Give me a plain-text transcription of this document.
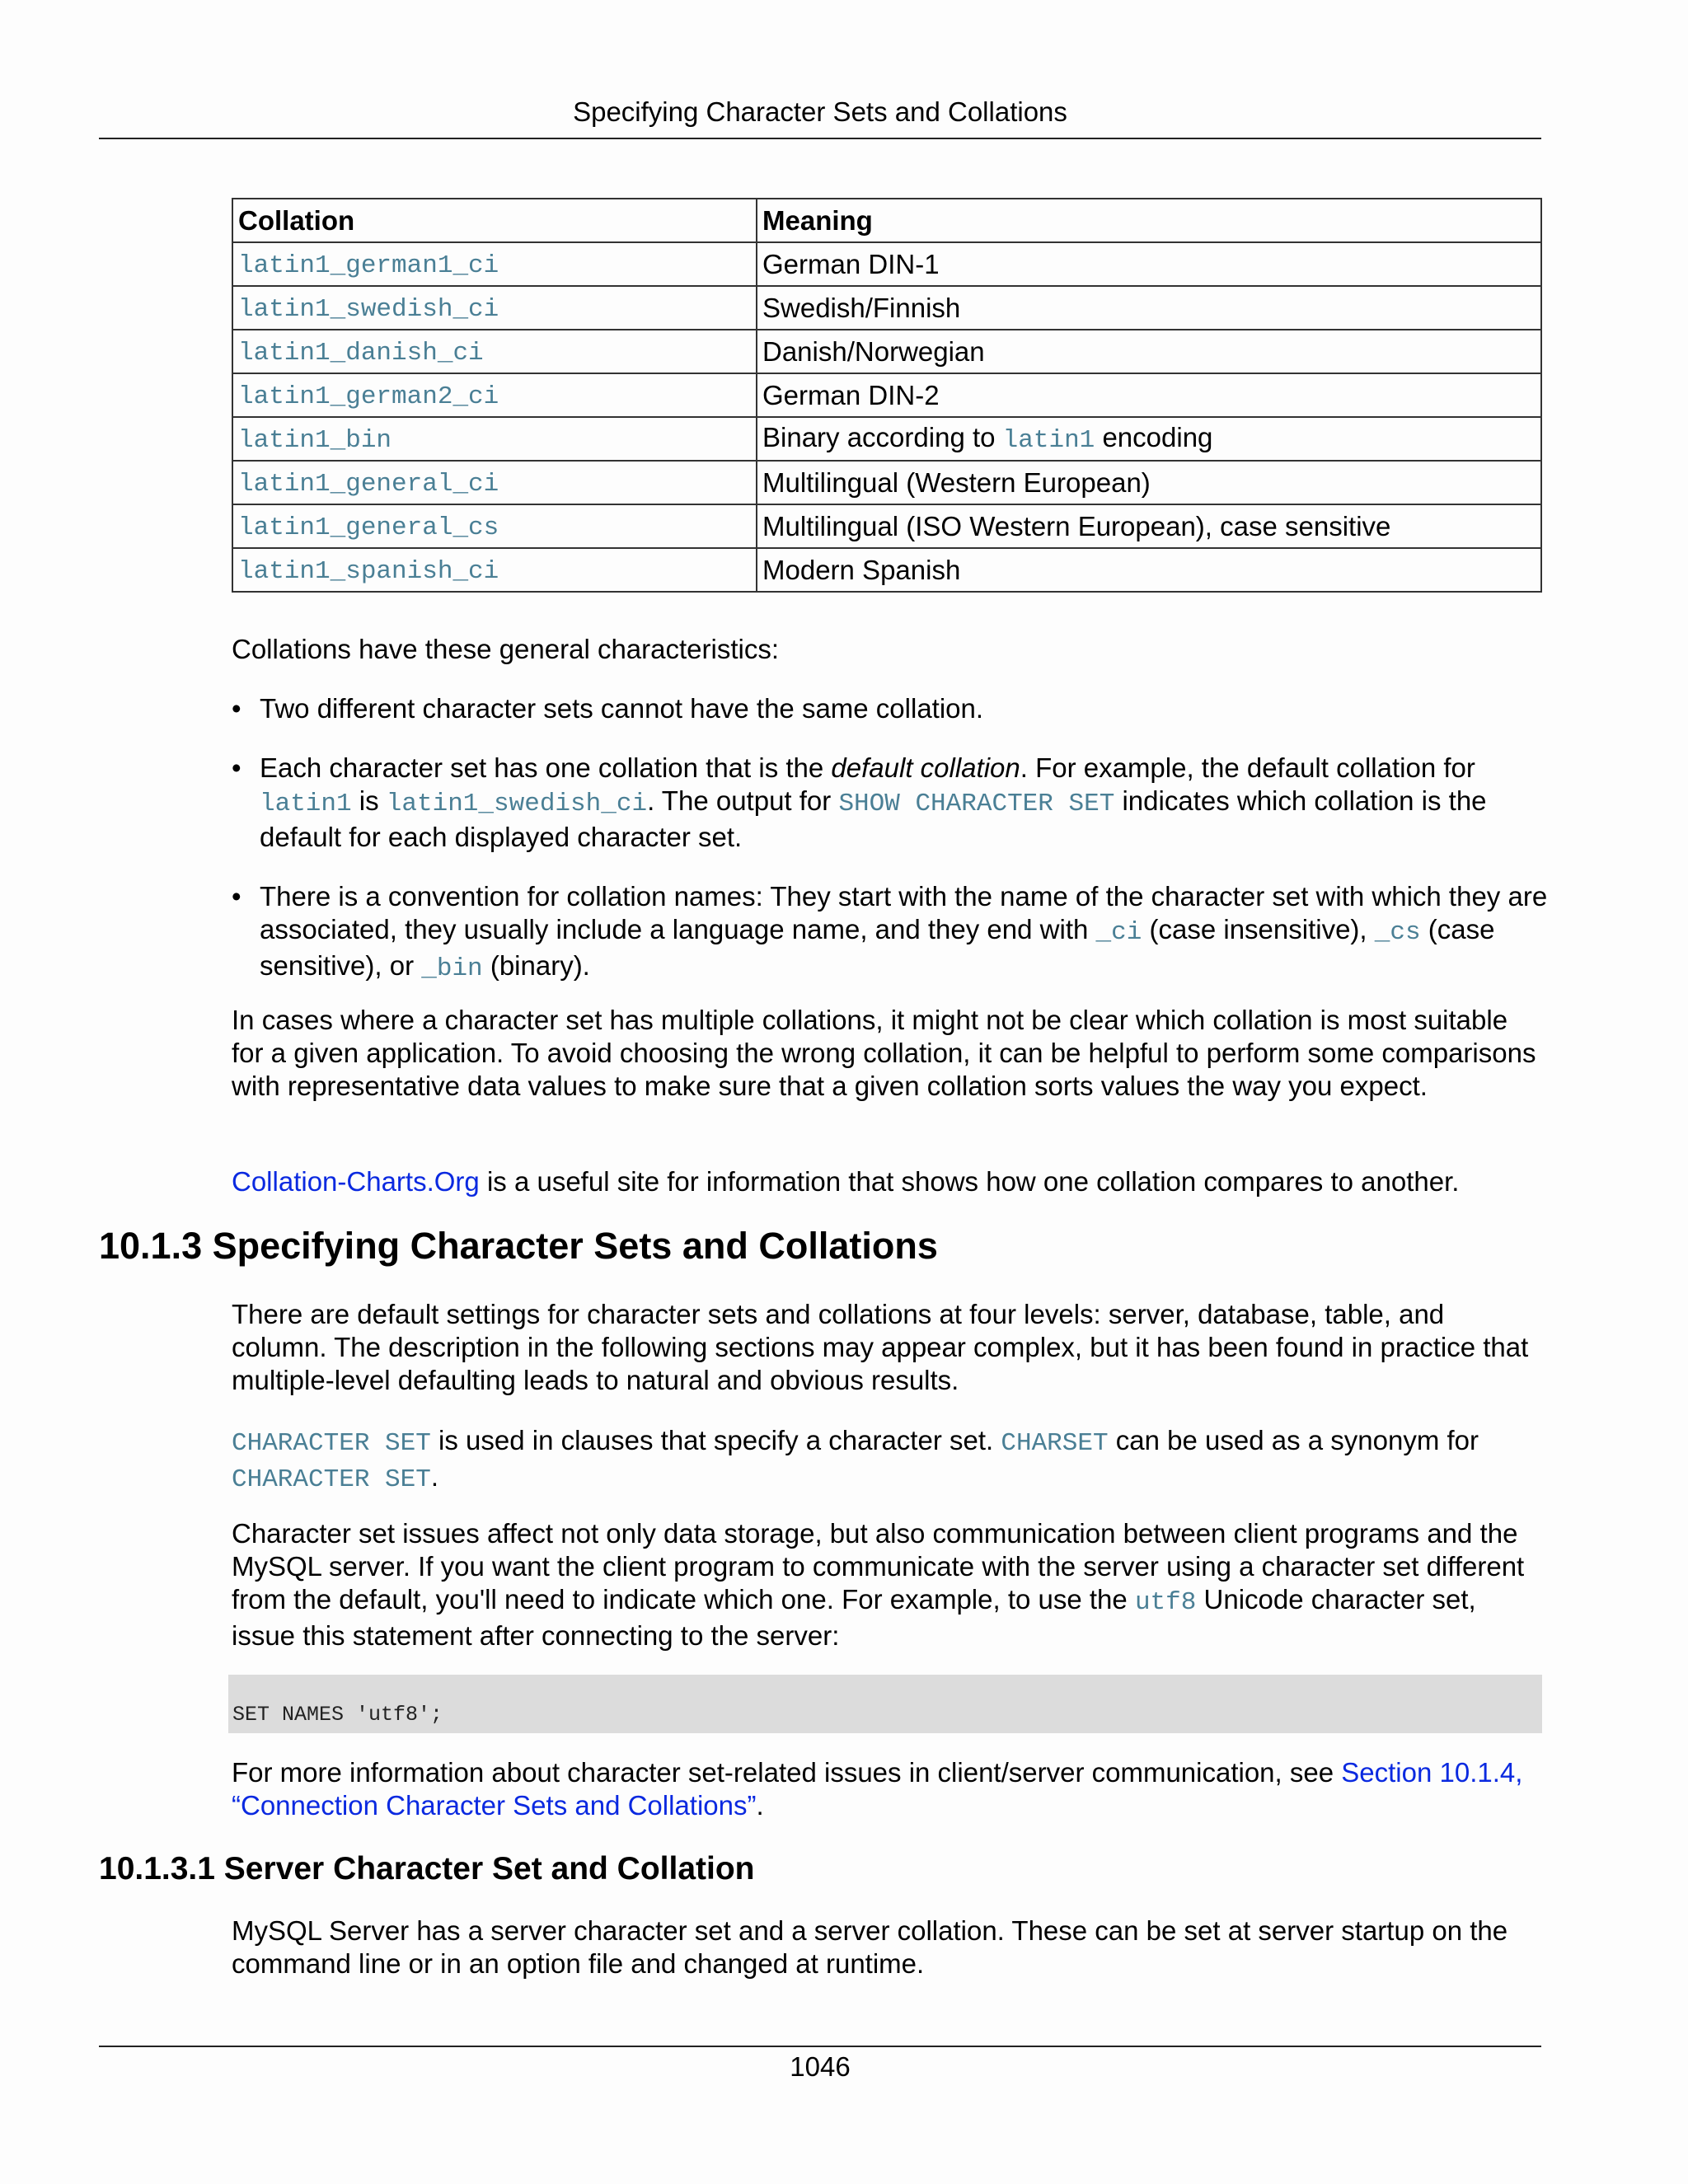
Specifying Character Sets and Collations
Collation	Meaning
latin1_german1_ci	German DIN-1
latin1_swedish_ci	Swedish/Finnish
latin1_danish_ci	Danish/Norwegian
latin1_german2_ci	German DIN-2
latin1_bin	Binary according to latin1 encoding
latin1_general_ci	Multilingual (Western European)
latin1_general_cs	Multilingual (ISO Western European), case sensitive
latin1_spanish_ci	Modern Spanish

Collations have these general characteristics:

• Two different character sets cannot have the same collation.
• Each character set has one collation that is the default collation. For example, the default collation for latin1 is latin1_swedish_ci. The output for SHOW CHARACTER SET indicates which collation is the default for each displayed character set.
• There is a convention for collation names: They start with the name of the character set with which they are associated, they usually include a language name, and they end with _ci (case insensitive), _cs (case sensitive), or _bin (binary).

In cases where a character set has multiple collations, it might not be clear which collation is most suitable for a given application. To avoid choosing the wrong collation, it can be helpful to perform some comparisons with representative data values to make sure that a given collation sorts values the way you expect.

Collation-Charts.Org is a useful site for information that shows how one collation compares to another.

10.1.3 Specifying Character Sets and Collations

There are default settings for character sets and collations at four levels: server, database, table, and column. The description in the following sections may appear complex, but it has been found in practice that multiple-level defaulting leads to natural and obvious results.

CHARACTER SET is used in clauses that specify a character set. CHARSET can be used as a synonym for CHARACTER SET.

Character set issues affect not only data storage, but also communication between client programs and the MySQL server. If you want the client program to communicate with the server using a character set different from the default, you'll need to indicate which one. For example, to use the utf8 Unicode character set, issue this statement after connecting to the server:

SET NAMES 'utf8';

For more information about character set-related issues in client/server communication, see Section 10.1.4, “Connection Character Sets and Collations”.

10.1.3.1 Server Character Set and Collation

MySQL Server has a server character set and a server collation. These can be set at server startup on the command line or in an option file and changed at runtime.

1046
